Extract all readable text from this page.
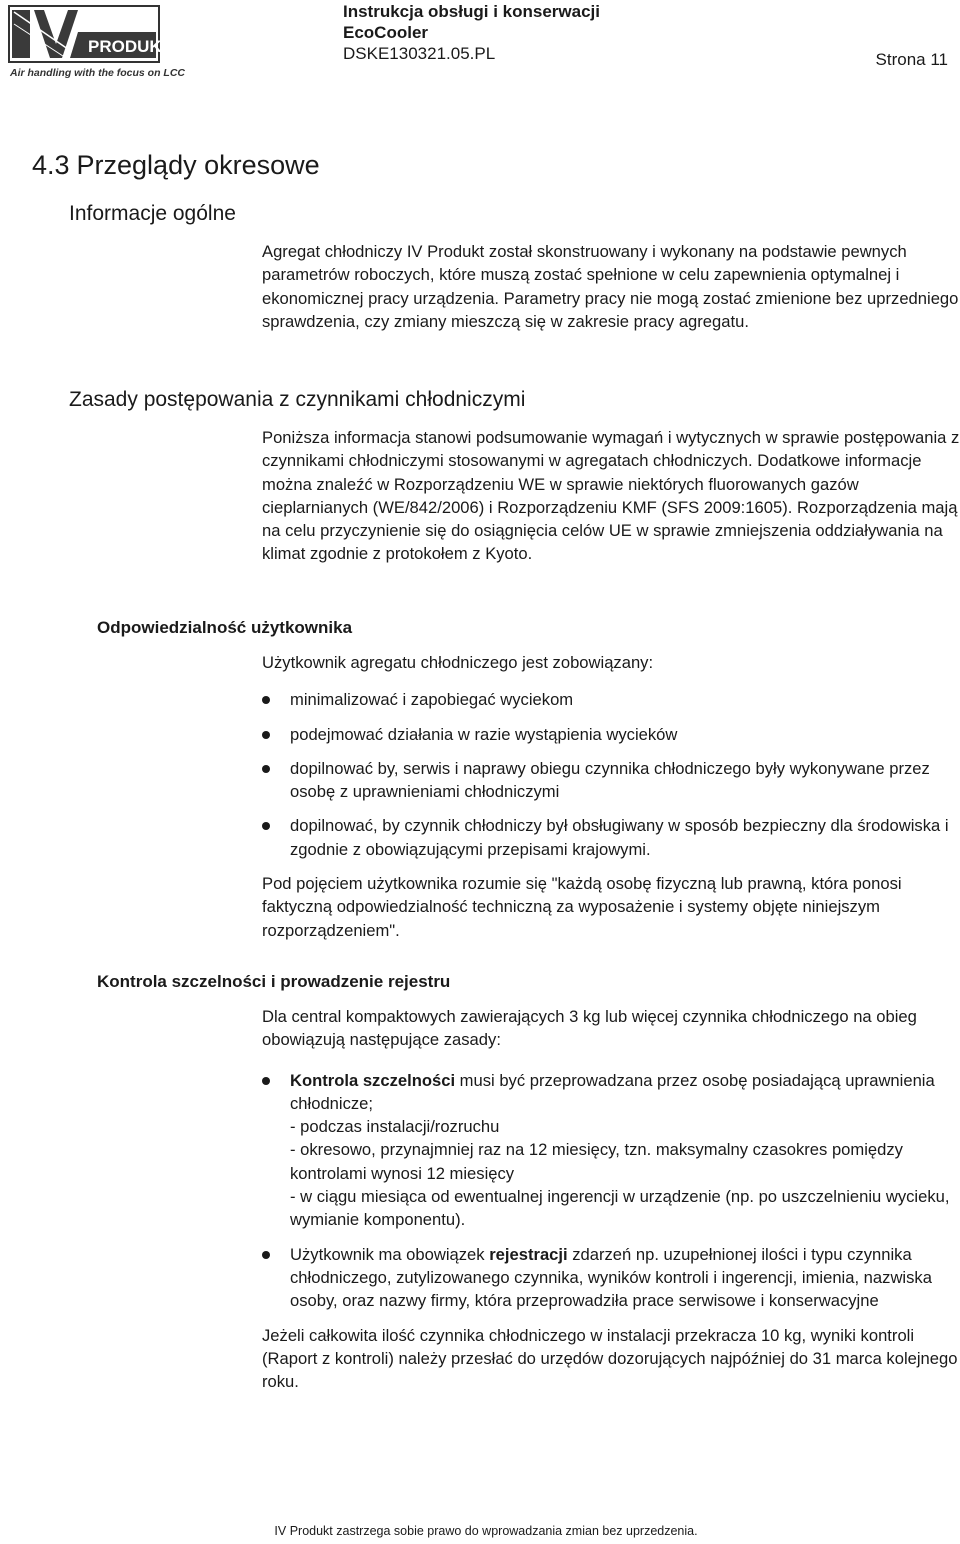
PRODUKT
Air handling with the focus on LCC
Instrukcja obsługi i konserwacji
EcoCooler
DSKE130321.05.PL	Strona 11
4.3 Przeglądy okresowe
Informacje ogólne

Agregat chłodniczy IV Produkt został skonstruowany i wykonany na podstawie pewnych parametrów roboczych, które muszą zostać spełnione w celu zapewnienia optymalnej i ekonomicznej pracy urządzenia. Parametry pracy nie mogą zostać zmienione bez uprzedniego sprawdzenia, czy zmiany mieszczą się w zakresie pracy agregatu.

Zasady postępowania z czynnikami chłodniczymi

Poniższa informacja stanowi podsumowanie wymagań i wytycznych w sprawie postępowania z czynnikami chłodniczymi stosowanymi w agregatach chłodniczych. Dodatkowe informacje można znaleźć w Rozporządzeniu WE w sprawie niektórych fluorowanych gazów cieplarnianych (WE/842/2006) i Rozporządzeniu KMF (SFS 2009:1605). Rozporządzenia mają na celu przyczynienie się do osiągnięcia celów UE w sprawie zmniejszenia oddziaływania na klimat zgodnie z protokołem z Kyoto.

Odpowiedzialność użytkownika

Użytkownik agregatu chłodniczego jest zobowiązany:

minimalizować i zapobiegać wyciekom
podejmować działania w razie wystąpienia wycieków
dopilnować by, serwis i naprawy obiegu czynnika chłodniczego były wykonywane przez osobę z uprawnieniami chłodniczymi
dopilnować, by czynnik chłodniczy był obsługiwany w sposób bezpieczny dla środowiska i zgodnie z obowiązującymi przepisami krajowymi.

Pod pojęciem użytkownika rozumie się "każdą osobę fizyczną lub prawną, która ponosi faktyczną odpowiedzialność techniczną za wyposażenie i systemy objęte niniejszym rozporządzeniem".

Kontrola szczelności i prowadzenie rejestru

Dla central kompaktowych zawierających 3 kg lub więcej czynnika chłodniczego na obieg obowiązują następujące zasady:

Kontrola szczelności musi być przeprowadzana przez osobę posiadającą uprawnienia chłodnicze;
- podczas instalacji/rozruchu
- okresowo, przynajmniej raz na 12 miesięcy, tzn. maksymalny czasokres pomiędzy kontrolami wynosi 12 miesięcy
- w ciągu miesiąca od ewentualnej ingerencji w urządzenie (np. po uszczelnieniu wycieku, wymianie komponentu).
Użytkownik ma obowiązek rejestracji zdarzeń np. uzupełnionej ilości i typu czynnika chłodniczego, zutylizowanego czynnika, wyników kontroli i ingerencji, imienia, nazwiska osoby, oraz nazwy firmy, która przeprowadziła prace serwisowe i konserwacyjne

Jeżeli całkowita ilość czynnika chłodniczego w instalacji przekracza 10 kg, wyniki kontroli (Raport z kontroli) należy przesłać do urzędów dozorujących najpóźniej do 31 marca kolejnego roku.

IV Produkt zastrzega sobie prawo do wprowadzania zmian bez uprzedzenia.
